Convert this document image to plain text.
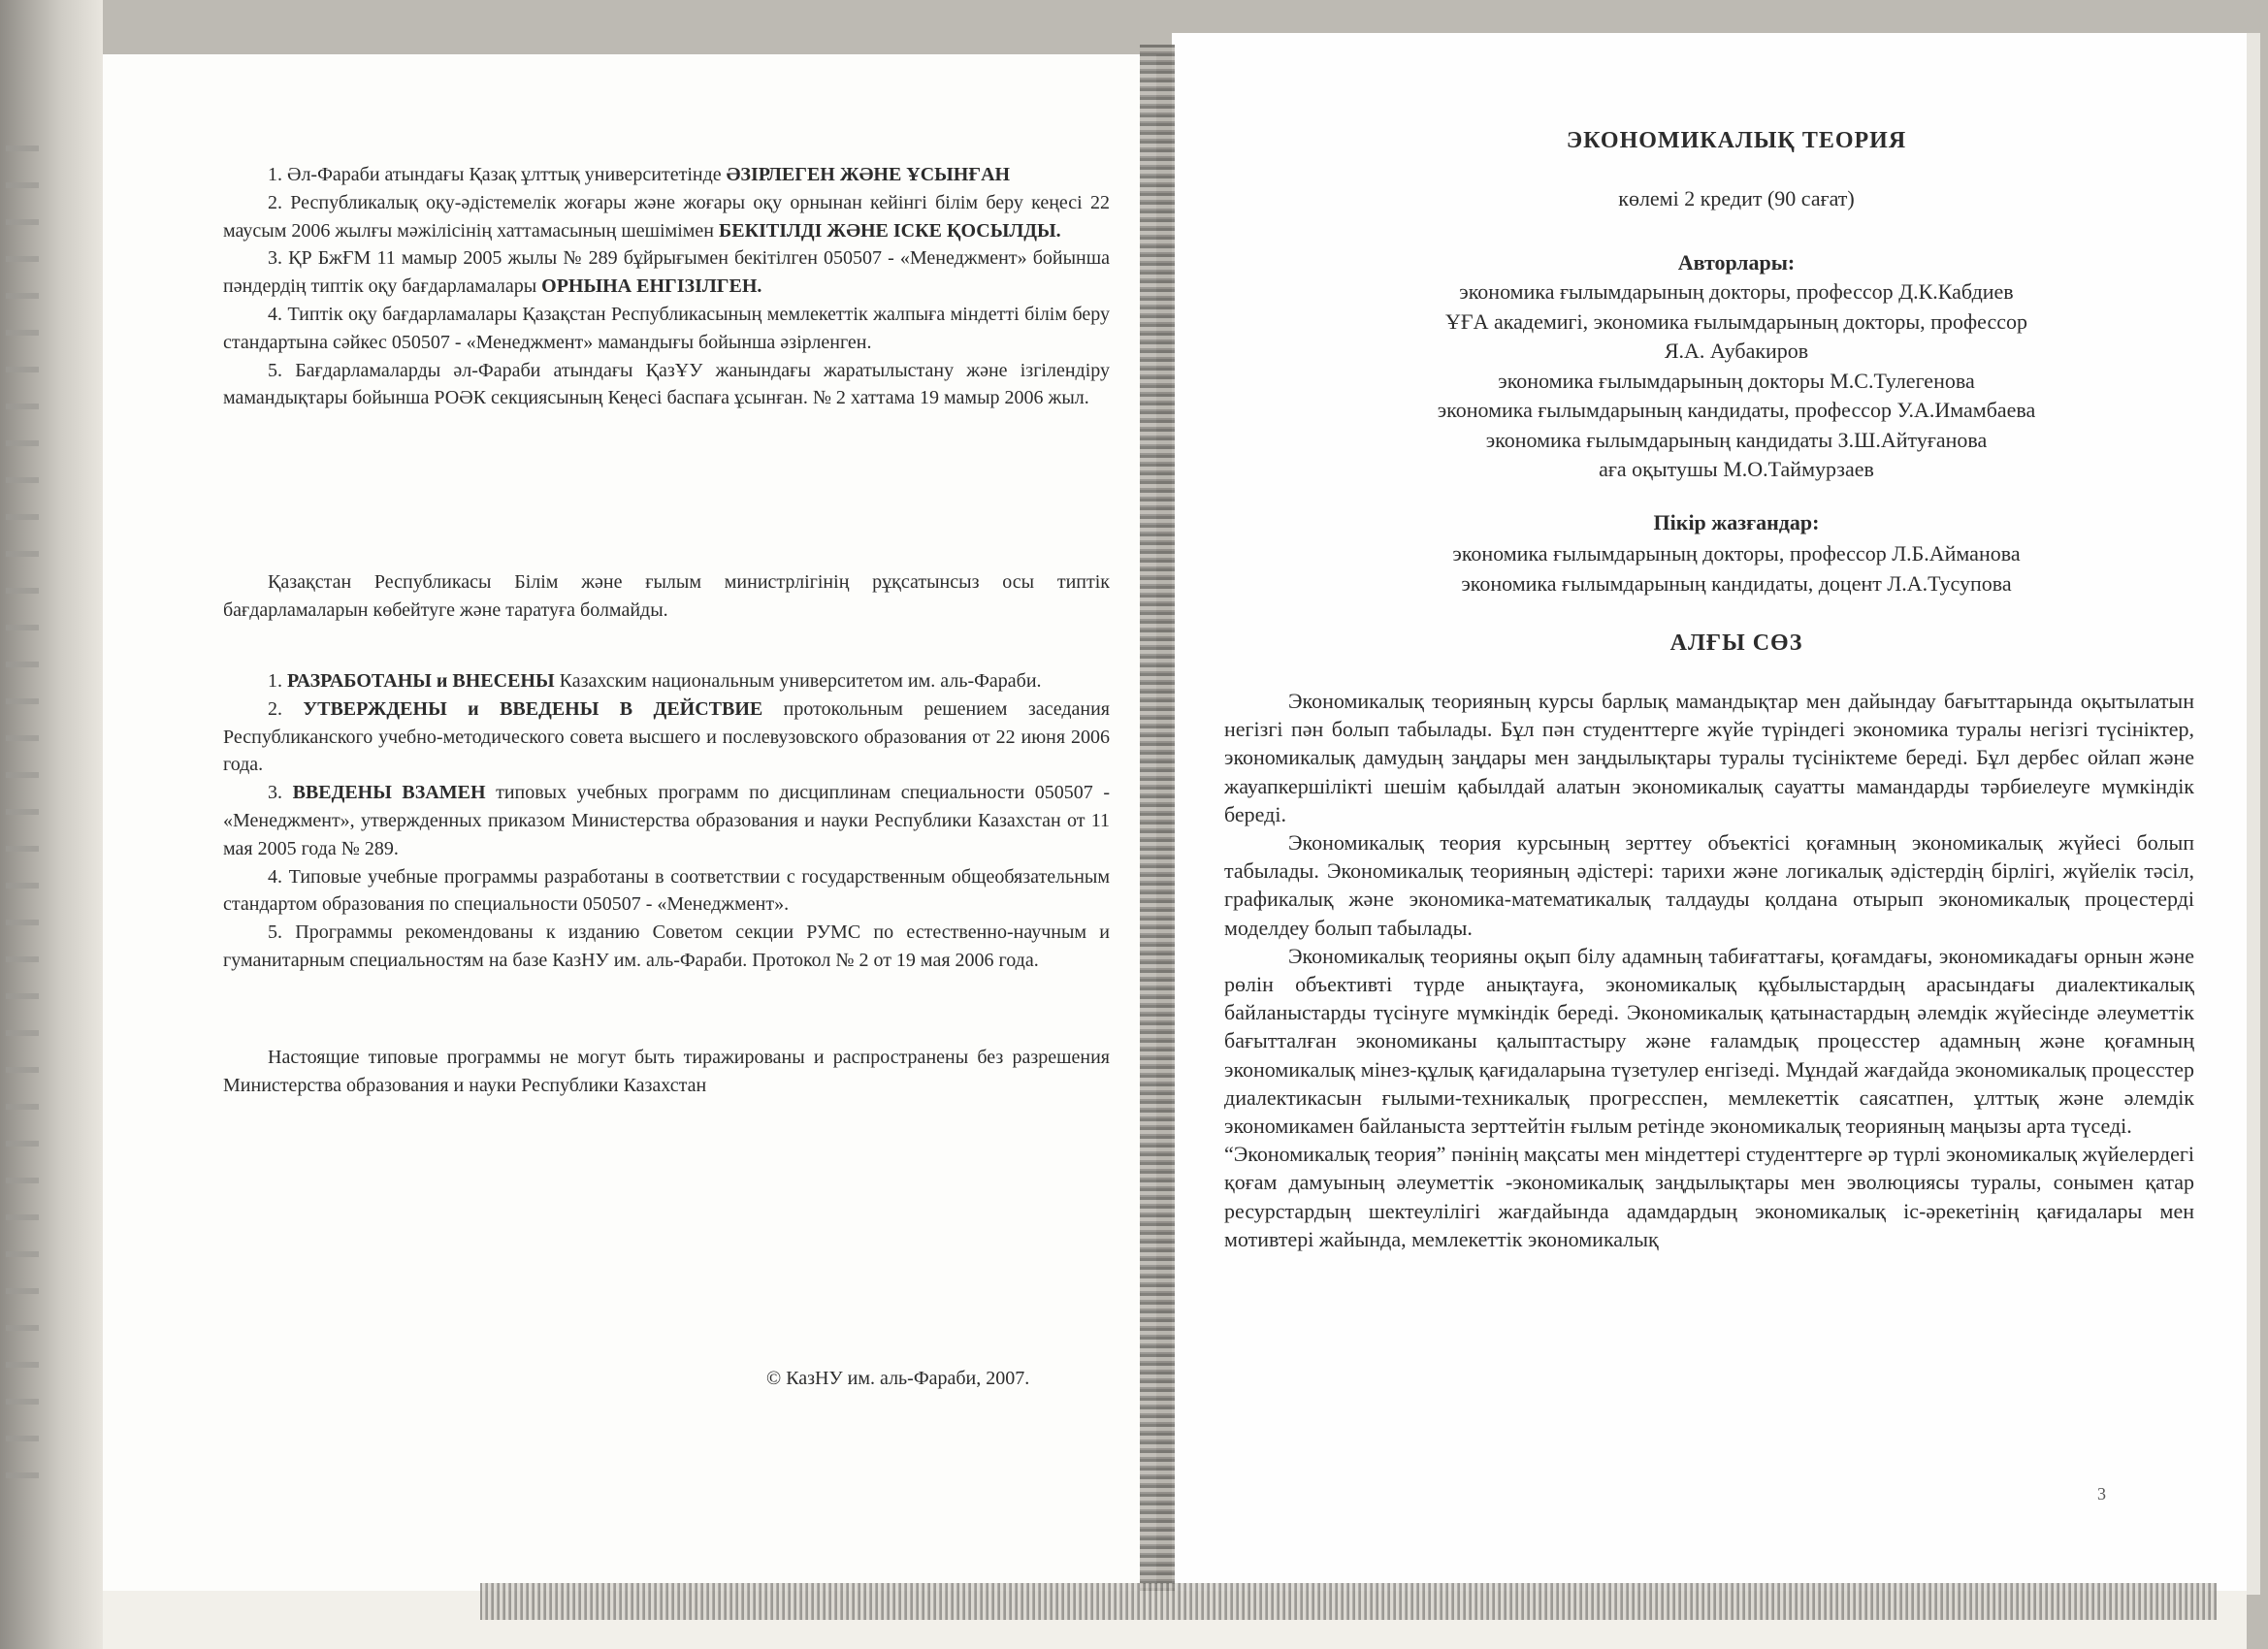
1. Әл-Фараби атындағы Қазақ ұлттық университетінде ӘЗІРЛЕГЕН ЖӘНЕ ҰСЫНҒАН

2. Республикалық оқу-әдістемелік жоғары және жоғары оқу орнынан кейінгі білім беру кеңесі 22 маусым 2006 жылғы мәжілісінің хаттамасының шешімімен БЕКІТІЛДІ ЖӘНЕ ІСКЕ ҚОСЫЛДЫ.

3. ҚР БжҒМ 11 мамыр 2005 жылы № 289 бұйрығымен бекітілген 050507 - «Менеджмент» бойынша пәндердің типтік оқу бағдарламалары ОРНЫНА ЕНГІЗІЛГЕН.

4. Типтік оқу бағдарламалары Қазақстан Республикасының мемлекеттік жалпыға міндетті білім беру стандартына сәйкес 050507 - «Менеджмент» мамандығы бойынша әзірленген.

5. Бағдарламаларды әл-Фараби атындағы ҚазҰУ жанындағы жаратылыстану және ізгілендіру мамандықтары бойынша РОӘК секциясының Кеңесі баспаға ұсынған. № 2 хаттама 19 мамыр 2006 жыл.

Қазақстан Республикасы Білім және ғылым министрлігінің рұқсатынсыз осы типтік бағдарламаларын көбейтуге және таратуға болмайды.

1. РАЗРАБОТАНЫ и ВНЕСЕНЫ Казахским национальным университетом им. аль-Фараби.

2. УТВЕРЖДЕНЫ и ВВЕДЕНЫ В ДЕЙСТВИЕ протокольным решением заседания Республиканского учебно-методического совета высшего и послевузовского образования от 22 июня 2006 года.

3. ВВЕДЕНЫ ВЗАМЕН типовых учебных программ по дисциплинам специальности 050507 - «Менеджмент», утвержденных приказом Министерства образования и науки Республики Казахстан от 11 мая 2005 года № 289.

4. Типовые учебные программы разработаны в соответствии с государственным общеобязательным стандартом образования по специальности 050507 - «Менеджмент».

5. Программы рекомендованы к изданию Советом секции РУМС по естественно-научным и гуманитарным специальностям на базе КазНУ им. аль-Фараби. Протокол № 2 от 19 мая 2006 года.

Настоящие типовые программы не могут быть тиражированы и распространены без разрешения Министерства образования и науки Республики Казахстан

© КазНУ им. аль-Фараби, 2007.
ЭКОНОМИКАЛЫҚ ТЕОРИЯ
көлемі 2 кредит (90 сағат)
Авторлары:
экономика ғылымдарының докторы, профессор Д.К.Кабдиев
ҰҒА академигі, экономика ғылымдарының докторы, профессор
Я.А. Аубакиров
экономика ғылымдарының докторы М.С.Тулегенова
экономика ғылымдарының кандидаты, профессор У.А.Имамбаева
экономика ғылымдарының кандидаты З.Ш.Айтуғанова
аға оқытушы М.О.Таймурзаев
Пікір жазғандар:
экономика ғылымдарының докторы, профессор Л.Б.Айманова
экономика ғылымдарының кандидаты, доцент Л.А.Тусупова
АЛҒЫ СӨЗ

Экономикалық теорияның курсы барлық мамандықтар мен дайындау бағыттарында оқытылатын негізгі пән болып табылады. Бұл пән студенттерге жүйе түріндегі экономика туралы негізгі түсініктер, экономикалық дамудың заңдары мен заңдылықтары туралы түсініктеме береді. Бұл дербес ойлап және жауапкершілікті шешім қабылдай алатын экономикалық сауатты мамандарды тәрбиелеуге мүмкіндік береді.

Экономикалық теория курсының зерттеу объектісі қоғамның экономикалық жүйесі болып табылады. Экономикалық теорияның әдістері: тарихи және логикалық әдістердің бірлігі, жүйелік тәсіл, графикалық және экономика-математикалық талдауды қолдана отырып экономикалық процестерді моделдеу болып табылады.

Экономикалық теорияны оқып білу адамның табиғаттағы, қоғамдағы, экономикадағы орнын және рөлін объективті түрде анықтауға, экономикалық құбылыстардың арасындағы диалектикалық байланыстарды түсінуге мүмкіндік береді. Экономикалық қатынастардың әлемдік жүйесінде әлеуметтік бағытталған экономиканы қалыптастыру және ғаламдық процесстер адамның және қоғамның экономикалық мінез-құлық қағидаларына түзетулер енгізеді. Мұндай жағдайда экономикалық процесстер диалектикасын ғылыми-техникалық прогресспен, мемлекеттік саясатпен, ұлттық және әлемдік экономикамен байланыста зерттейтін ғылым ретінде экономикалық теорияның маңызы арта түседі.

“Экономикалық теория” пәнінің мақсаты мен міндеттері студенттерге әр түрлі экономикалық жүйелердегі қоғам дамуының әлеуметтік -экономикалық заңдылықтары мен эволюциясы туралы, сонымен қатар ресурстардың шектеулілігі жағдайында адамдардың экономикалық іс-әрекетінің қағидалары мен мотивтері жайында, мемлекеттік экономикалық

3
